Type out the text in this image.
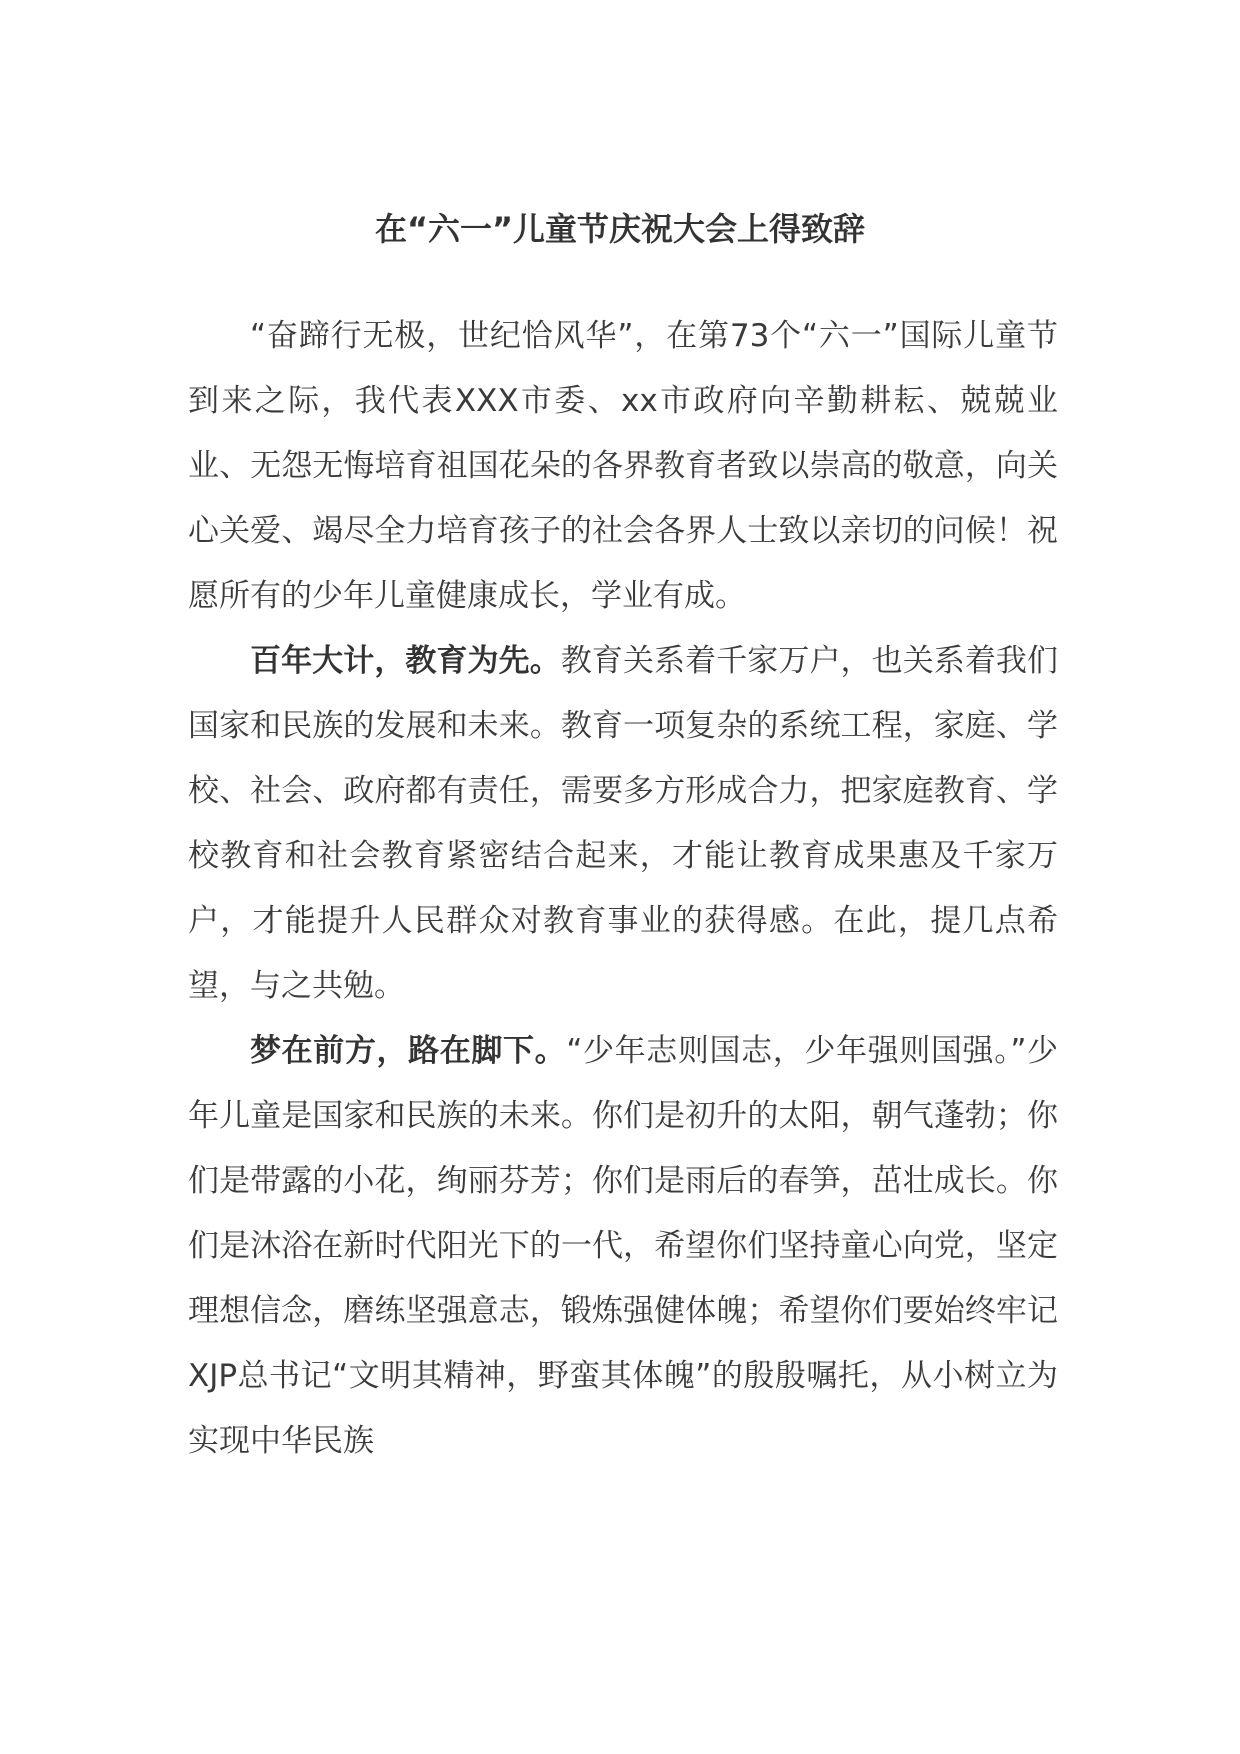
在“六一”儿童节庆祝大会上得致辞

“奋蹄行无极，世纪恰风华”，在第73个“六一”国际儿童节到来之际，我代表XXX市委、xx市政府向辛勤耕耘、兢兢业业、无怨无悔培育祖国花朵的各界教育者致以崇高的敬意，向关心关爱、竭尽全力培育孩子的社会各界人士致以亲切的问候！祝愿所有的少年儿童健康成长，学业有成。

百年大计，教育为先。教育关系着千家万户，也关系着我们国家和民族的发展和未来。教育一项复杂的系统工程，家庭、学校、社会、政府都有责任，需要多方形成合力，把家庭教育、学校教育和社会教育紧密结合起来，才能让教育成果惠及千家万户，才能提升人民群众对教育事业的获得感。在此，提几点希望，与之共勉。

梦在前方，路在脚下。“少年志则国志，少年强则国强。”少年儿童是国家和民族的未来。你们是初升的太阳，朝气蓬勃；你们是带露的小花，绚丽芬芳；你们是雨后的春笋，茁壮成长。你们是沐浴在新时代阳光下的一代，希望你们坚持童心向党，坚定理想信念，磨练坚强意志，锻炼强健体魄；希望你们要始终牢记XJP总书记“文明其精神，野蛮其体魄”的殷殷嘱托，从小树立为实现中华民族
